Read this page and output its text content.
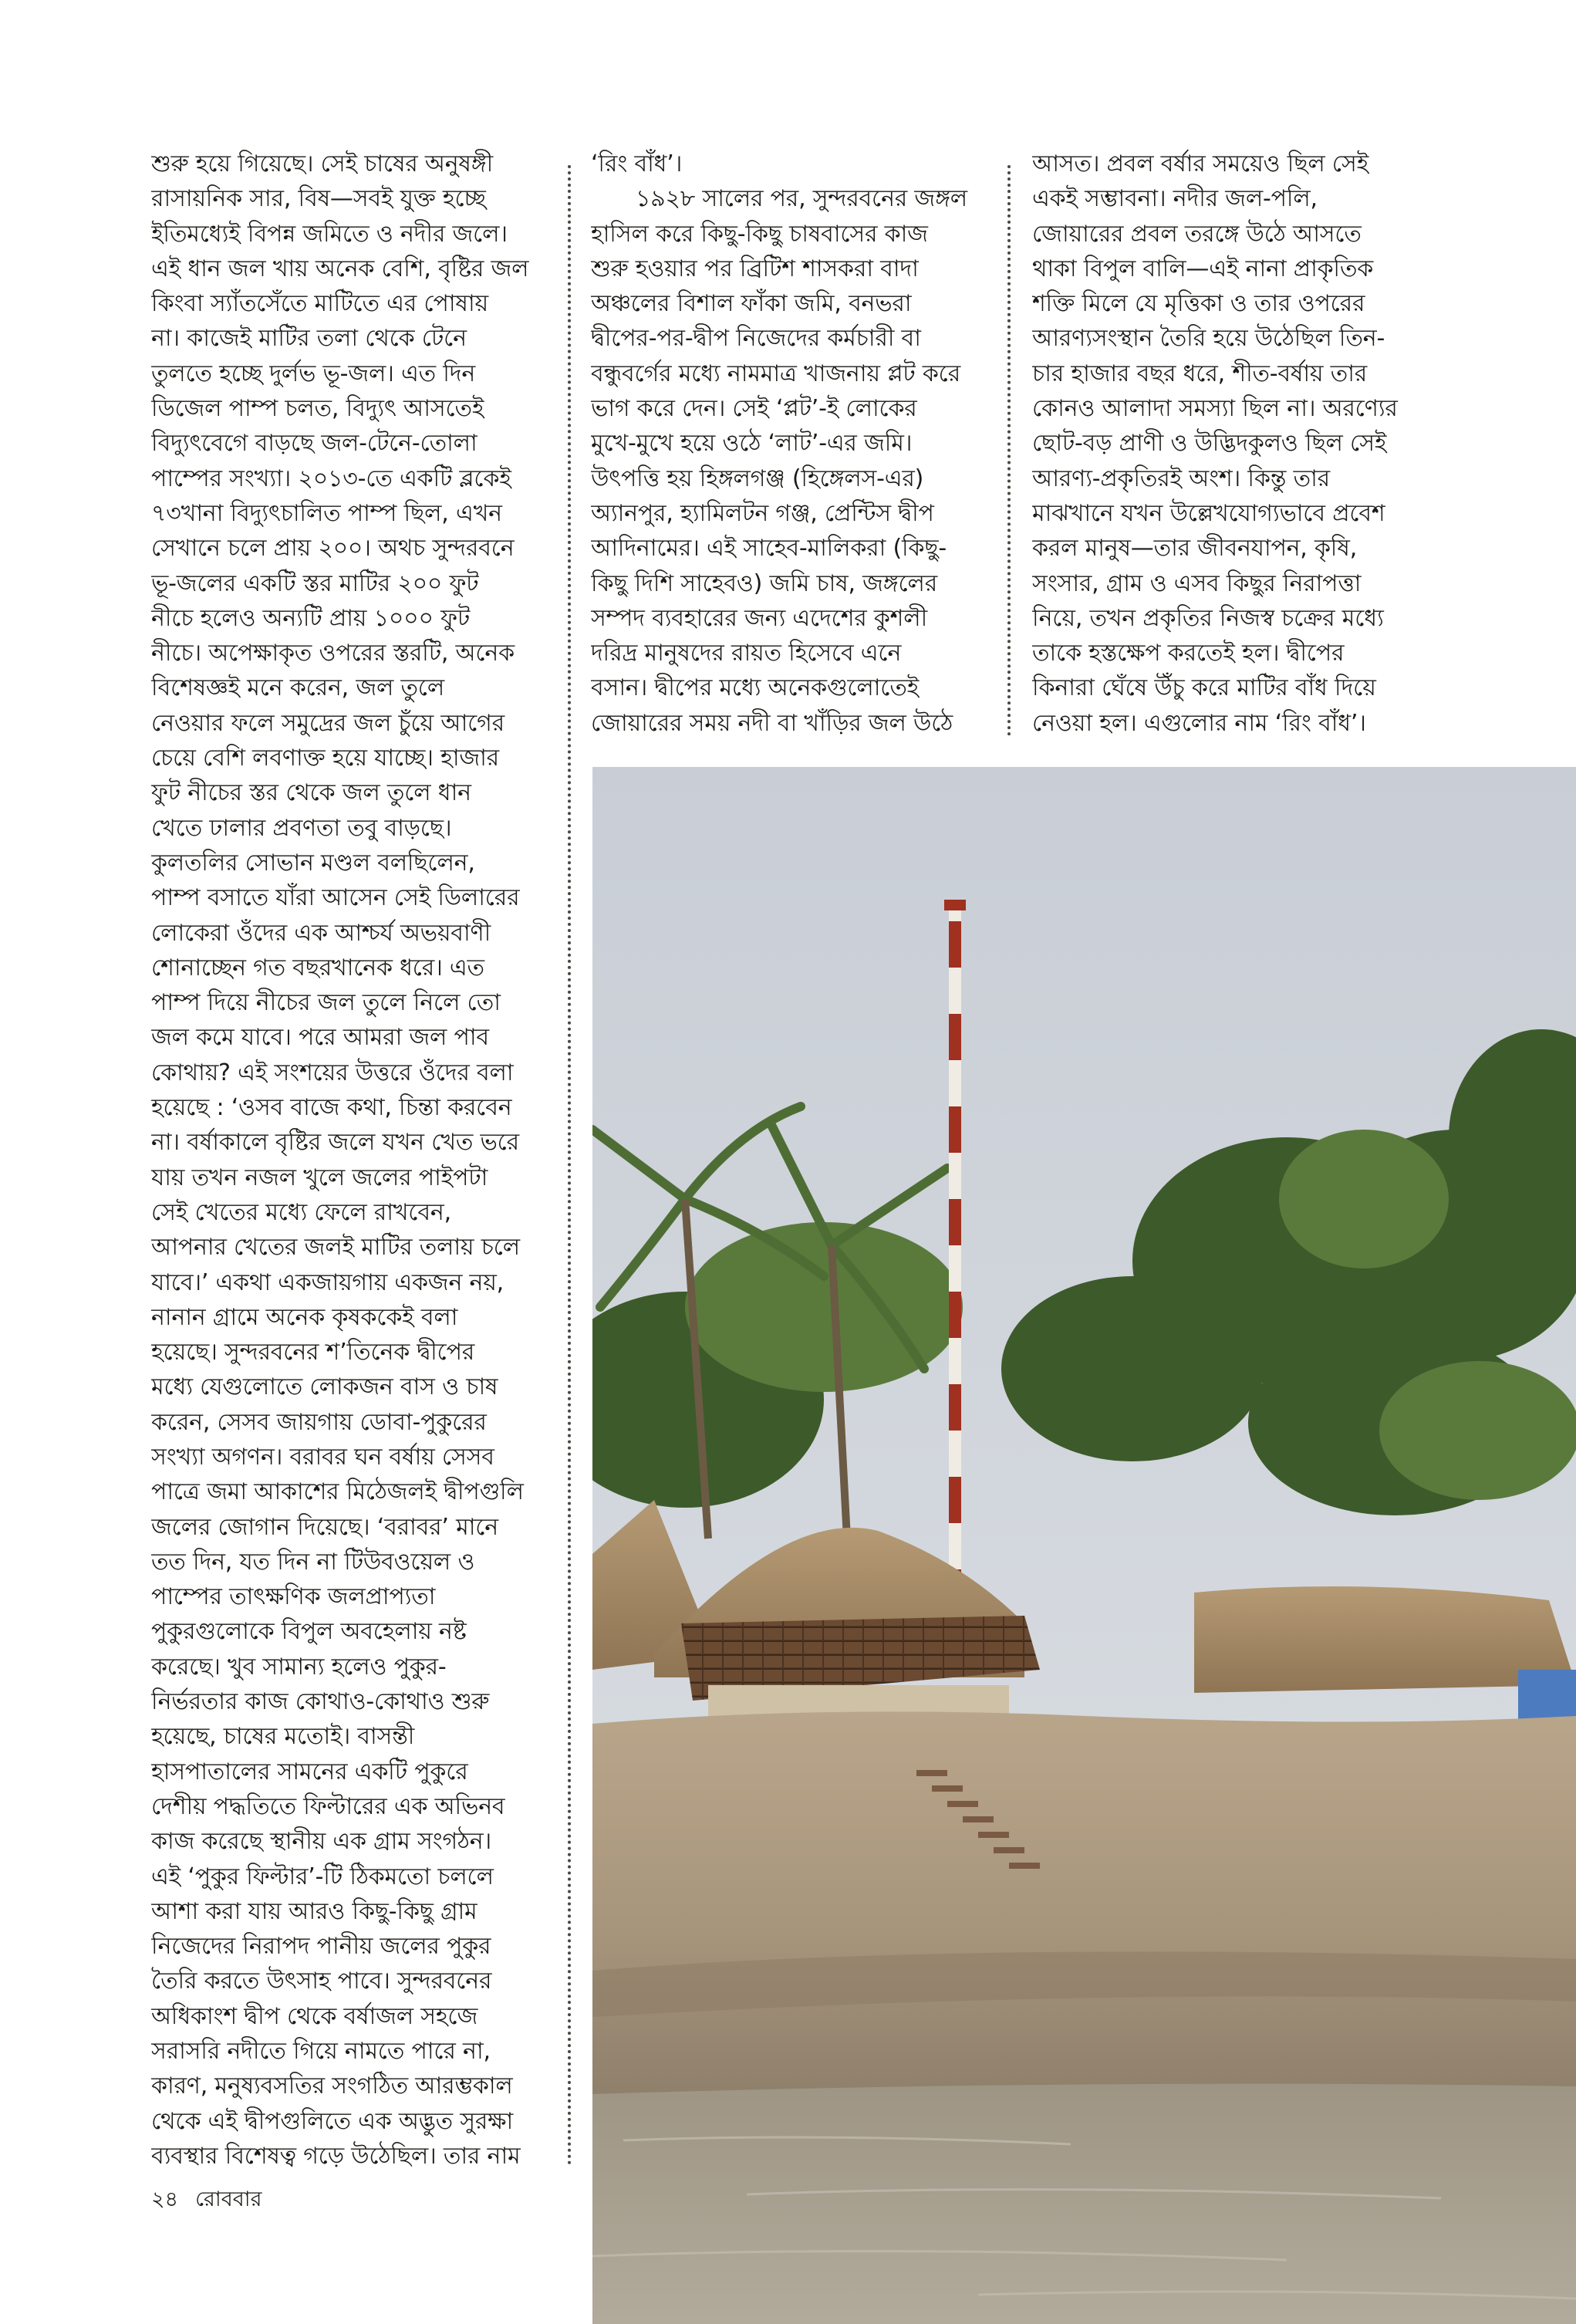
শুরু হয়ে গিয়েছে। সেই চাষের অনুষঙ্গী
রাসায়নিক সার, বিষ—সবই যুক্ত হচ্ছে
ইতিমধ্যেই বিপন্ন জমিতে ও নদীর জলে।
এই ধান জল খায় অনেক বেশি, বৃষ্টির জল
কিংবা স্যাঁতসেঁতে মাটিতে এর পোষায়
না। কাজেই মাটির তলা থেকে টেনে
তুলতে হচ্ছে দুর্লভ ভূ-জল। এত দিন
ডিজেল পাম্প চলত, বিদ্যুৎ আসতেই
বিদ্যুৎবেগে বাড়ছে জল-টেনে-তোলা
পাম্পের সংখ্যা। ২০১৩-তে একটি ব্লকেই
৭৩খানা বিদ্যুৎচালিত পাম্প ছিল, এখন
সেখানে চলে প্রায় ২০০। অথচ সুন্দরবনে
ভূ-জলের একটি স্তর মাটির ২০০ ফুট
নীচে হলেও অন্যটি প্রায় ১০০০ ফুট
নীচে। অপেক্ষাকৃত ওপরের স্তরটি, অনেক
বিশেষজ্ঞই মনে করেন, জল তুলে
নেওয়ার ফলে সমুদ্রের জল চুঁয়ে আগের
চেয়ে বেশি লবণাক্ত হয়ে যাচ্ছে। হাজার
ফুট নীচের স্তর থেকে জল তুলে ধান
খেতে ঢালার প্রবণতা তবু বাড়ছে।
কুলতলির সোভান মণ্ডল বলছিলেন,
পাম্প বসাতে যাঁরা আসেন সেই ডিলারের
লোকেরা ওঁদের এক আশ্চর্য অভয়বাণী
শোনাচ্ছেন গত বছরখানেক ধরে। এত
পাম্প দিয়ে নীচের জল তুলে নিলে তো
জল কমে যাবে। পরে আমরা জল পাব
কোথায়? এই সংশয়ের উত্তরে ওঁদের বলা
হয়েছে : ‘ওসব বাজে কথা, চিন্তা করবেন
না। বর্ষাকালে বৃষ্টির জলে যখন খেত ভরে
যায় তখন নজল খুলে জলের পাইপটা
সেই খেতের মধ্যে ফেলে রাখবেন,
আপনার খেতের জলই মাটির তলায় চলে
যাবে।’ একথা একজায়গায় একজন নয়,
নানান গ্রামে অনেক কৃষককেই বলা
হয়েছে। সুন্দরবনের শ’তিনেক দ্বীপের
মধ্যে যেগুলোতে লোকজন বাস ও চাষ
করেন, সেসব জায়গায় ডোবা-পুকুরের
সংখ্যা অগণন। বরাবর ঘন বর্ষায় সেসব
পাত্রে জমা আকাশের মিঠেজলই দ্বীপগুলি
জলের জোগান দিয়েছে। ‘বরাবর’ মানে
তত দিন, যত দিন না টিউবওয়েল ও
পাম্পের তাৎক্ষণিক জলপ্রাপ্যতা
পুকুরগুলোকে বিপুল অবহেলায় নষ্ট
করেছে। খুব সামান্য হলেও পুকুর-
নির্ভরতার কাজ কোথাও-কোথাও শুরু
হয়েছে, চাষের মতোই। বাসন্তী
হাসপাতালের সামনের একটি পুকুরে
দেশীয় পদ্ধতিতে ফিল্টারের এক অভিনব
কাজ করেছে স্থানীয় এক গ্রাম সংগঠন।
এই ‘পুকুর ফিল্টার’-টি ঠিকমতো চললে
আশা করা যায় আরও কিছু-কিছু গ্রাম
নিজেদের নিরাপদ পানীয় জলের পুকুর
তৈরি করতে উৎসাহ পাবে। সুন্দরবনের
অধিকাংশ দ্বীপ থেকে বর্ষাজল সহজে
সরাসরি নদীতে গিয়ে নামতে পারে না,
কারণ, মনুষ্যবসতির সংগঠিত আরম্ভকাল
থেকে এই দ্বীপগুলিতে এক অদ্ভুত সুরক্ষা
ব্যবস্থার বিশেষত্ব গড়ে উঠেছিল। তার নাম
‘রিং বাঁধ’।
১৯২৮ সালের পর, সুন্দরবনের জঙ্গল
হাসিল করে কিছু-কিছু চাষবাসের কাজ
শুরু হওয়ার পর ব্রিটিশ শাসকরা বাদা
অঞ্চলের বিশাল ফাঁকা জমি, বনভরা
দ্বীপের-পর-দ্বীপ নিজেদের কর্মচারী বা
বন্ধুবর্গের মধ্যে নামমাত্র খাজনায় প্লট করে
ভাগ করে দেন। সেই ‘প্লট’-ই লোকের
মুখে-মুখে হয়ে ওঠে ‘লাট’-এর জমি।
উৎপত্তি হয় হিঙ্গলগঞ্জ (হিঙ্গেলস-এর)
অ্যানপুর, হ্যামিলটন গঞ্জ, প্রেন্টিস দ্বীপ
আদিনামের। এই সাহেব-মালিকরা (কিছু-
কিছু দিশি সাহেবও) জমি চাষ, জঙ্গলের
সম্পদ ব্যবহারের জন্য এদেশের কুশলী
দরিদ্র মানুষদের রায়ত হিসেবে এনে
বসান। দ্বীপের মধ্যে অনেকগুলোতেই
জোয়ারের সময় নদী বা খাঁড়ির জল উঠে
আসত। প্রবল বর্ষার সময়েও ছিল সেই
একই সম্ভাবনা। নদীর জল-পলি,
জোয়ারের প্রবল তরঙ্গে উঠে আসতে
থাকা বিপুল বালি—এই নানা প্রাকৃতিক
শক্তি মিলে যে মৃত্তিকা ও তার ওপরের
আরণ্যসংস্থান তৈরি হয়ে উঠেছিল তিন-
চার হাজার বছর ধরে, শীত-বর্ষায় তার
কোনও আলাদা সমস্যা ছিল না। অরণ্যের
ছোট-বড় প্রাণী ও উদ্ভিদকুলও ছিল সেই
আরণ্য-প্রকৃতিরই অংশ। কিন্তু তার
মাঝখানে যখন উল্লেখযোগ্যভাবে প্রবেশ
করল মানুষ—তার জীবনযাপন, কৃষি,
সংসার, গ্রাম ও এসব কিছুর নিরাপত্তা
নিয়ে, তখন প্রকৃতির নিজস্ব চক্রের মধ্যে
তাকে হস্তক্ষেপ করতেই হল। দ্বীপের
কিনারা ঘেঁষে উঁচু করে মাটির বাঁধ দিয়ে
নেওয়া হল। এগুলোর নাম ‘রিং বাঁধ’।
২৪ রোববার
